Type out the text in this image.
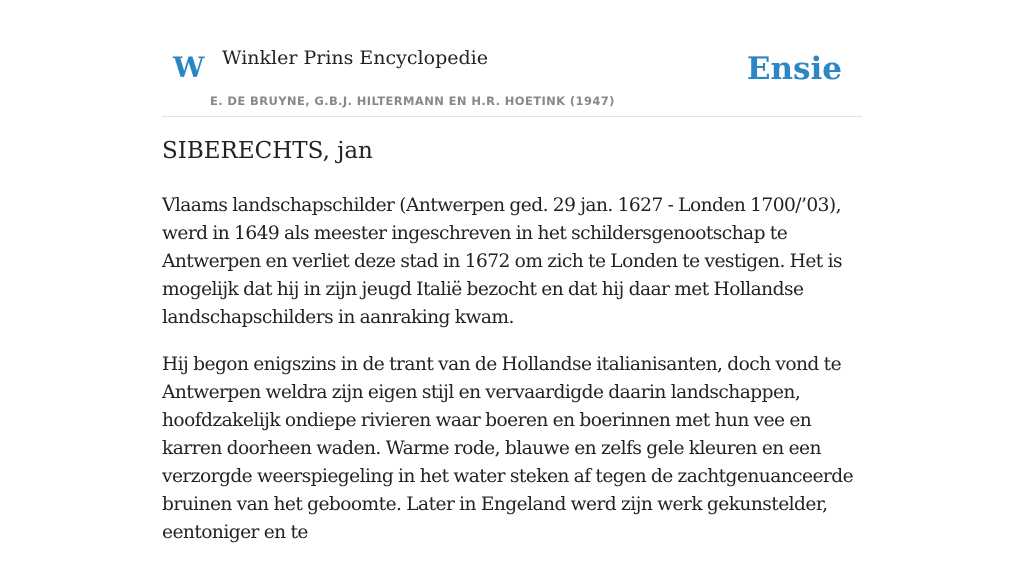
W Winkler Prins Encyclopedie
E. DE BRUYNE, G.B.J. HILTERMANN EN H.R. HOETINK (1947)
Ensie
SIBERECHTS, jan

Vlaams landschapschilder (Antwerpen ged. 29 jan. 1627 - Londen 1700/’03), werd in 1649 als meester ingeschreven in het schildersgenootschap te Antwerpen en verliet deze stad in 1672 om zich te Londen te vestigen. Het is mogelijk dat hij in zijn jeugd Italië bezocht en dat hij daar met Hollandse landschapschilders in aanraking kwam.

Hij begon enigszins in de trant van de Hollandse italianisanten, doch vond te Antwerpen weldra zijn eigen stijl en vervaardigde daarin landschappen, hoofdzakelijk ondiepe rivieren waar boeren en boerinnen met hun vee en karren doorheen waden. Warme rode, blauwe en zelfs gele kleuren en een verzorgde weerspiegeling in het water steken af tegen de zachtgenuanceerde bruinen van het geboomte. Later in Engeland werd zijn werk gekunstelder, eentoniger en te
